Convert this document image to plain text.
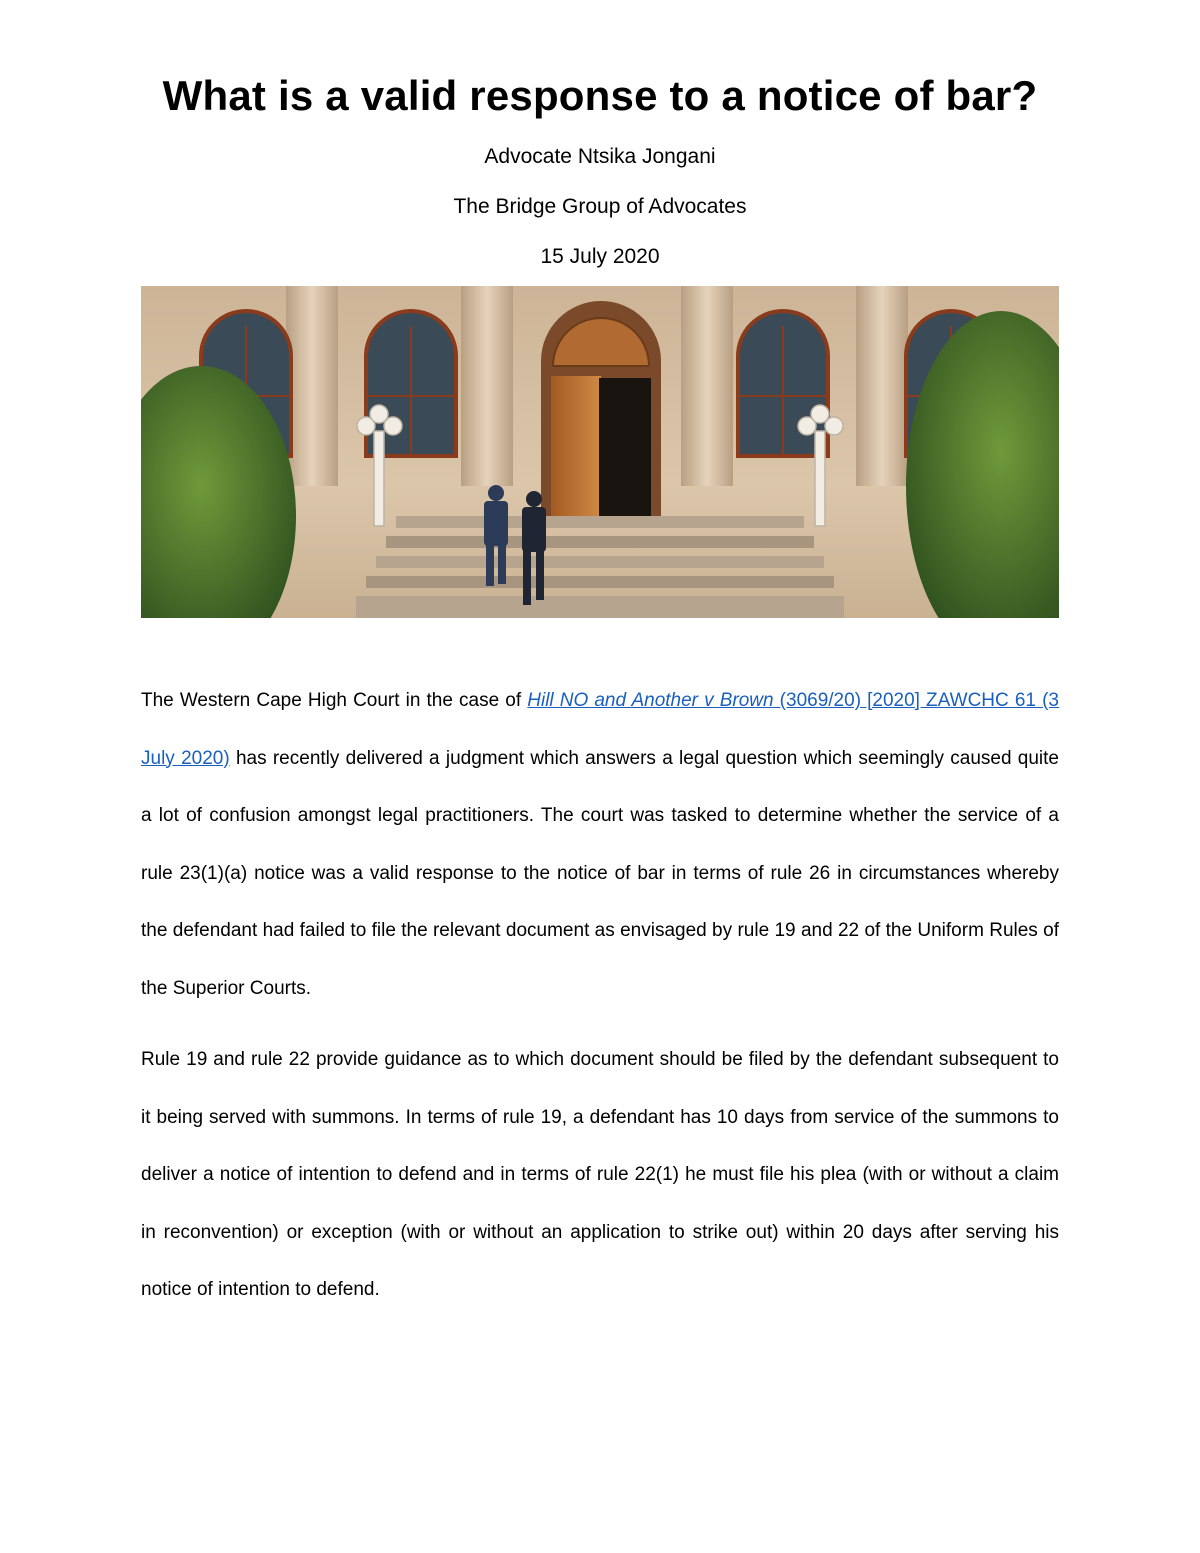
What is a valid response to a notice of bar?

Advocate Ntsika Jongani

The Bridge Group of Advocates

15 July 2020

The Western Cape High Court in the case of Hill NO and Another v Brown (3069/20) [2020] ZAWCHC 61 (3 July 2020) has recently delivered a judgment which answers a legal question which seemingly caused quite a lot of confusion amongst legal practitioners. The court was tasked to determine whether the service of a rule 23(1)(a) notice was a valid response to the notice of bar in terms of rule 26 in circumstances whereby the defendant had failed to file the relevant document as envisaged by rule 19 and 22 of the Uniform Rules of the Superior Courts.

Rule 19 and rule 22 provide guidance as to which document should be filed by the defendant subsequent to it being served with summons. In terms of rule 19, a defendant has 10 days from service of the summons to deliver a notice of intention to defend and in terms of rule 22(1) he must file his plea (with or without a claim in reconvention) or exception (with or without an application to strike out) within 20 days after serving his notice of intention to defend.
